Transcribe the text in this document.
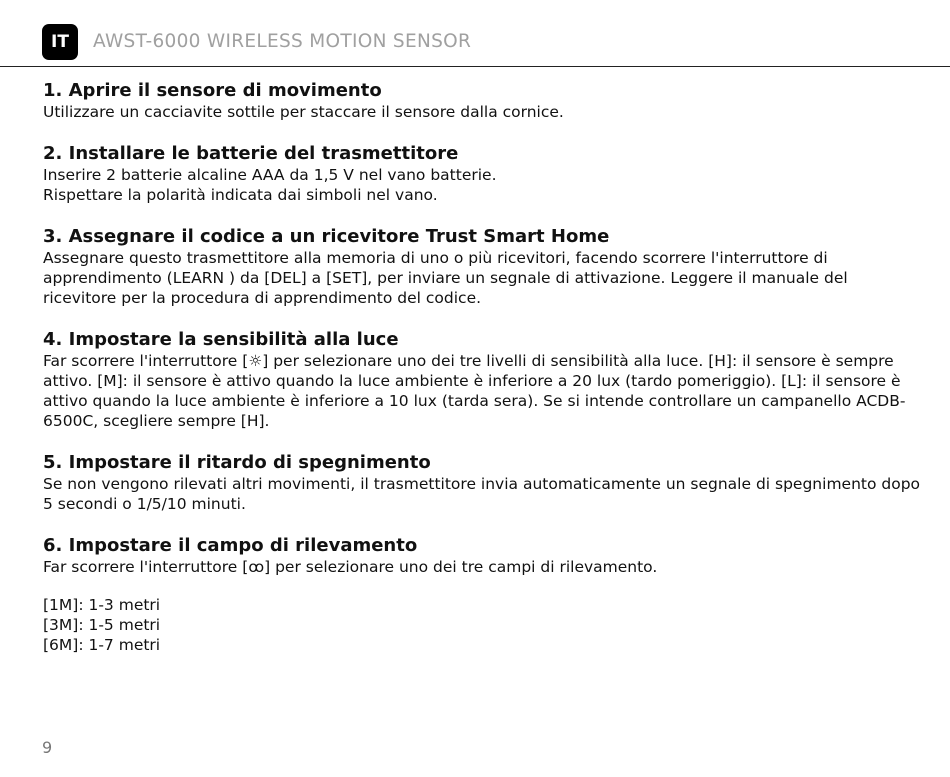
IT	AWST-6000 WIRELESS MOTION SENSOR
1. Aprire il sensore di movimento

Utilizzare un cacciavite sottile per staccare il sensore dalla cornice.

2. Installare le batterie del trasmettitore

Inserire 2 batterie alcaline AAA da 1,5 V nel vano batterie.
Rispettare la polarità indicata dai simboli nel vano.

3. Assegnare il codice a un ricevitore Trust Smart Home

Assegnare questo trasmettitore alla memoria di uno o più ricevitori, facendo scorrere l'interruttore di apprendimento (LEARN ) da [DEL] a [SET], per inviare un segnale di attivazione. Leggere il manuale del ricevitore per la procedura di apprendimento del codice.

4. Impostare la sensibilità alla luce

Far scorrere l'interruttore [☼] per selezionare uno dei tre livelli di sensibilità alla luce. [H]: il sensore è sempre attivo. [M]: il sensore è attivo quando la luce ambiente è inferiore a 20 lux (tardo pomeriggio). [L]: il sensore è attivo quando la luce ambiente è inferiore a 10 lux (tarda sera). Se si intende controllare un campanello ACDB-6500C, scegliere sempre [H].

5. Impostare il ritardo di spegnimento

Se non vengono rilevati altri movimenti, il trasmettitore invia automaticamente un segnale di spegnimento dopo 5 secondi o 1/5/10 minuti.

6. Impostare il campo di rilevamento

Far scorrere l'interruttore [ꝏ] per selezionare uno dei tre campi di rilevamento.

[1M]: 1-3 metri
[3M]: 1-5 metri
[6M]: 1-7 metri
9
